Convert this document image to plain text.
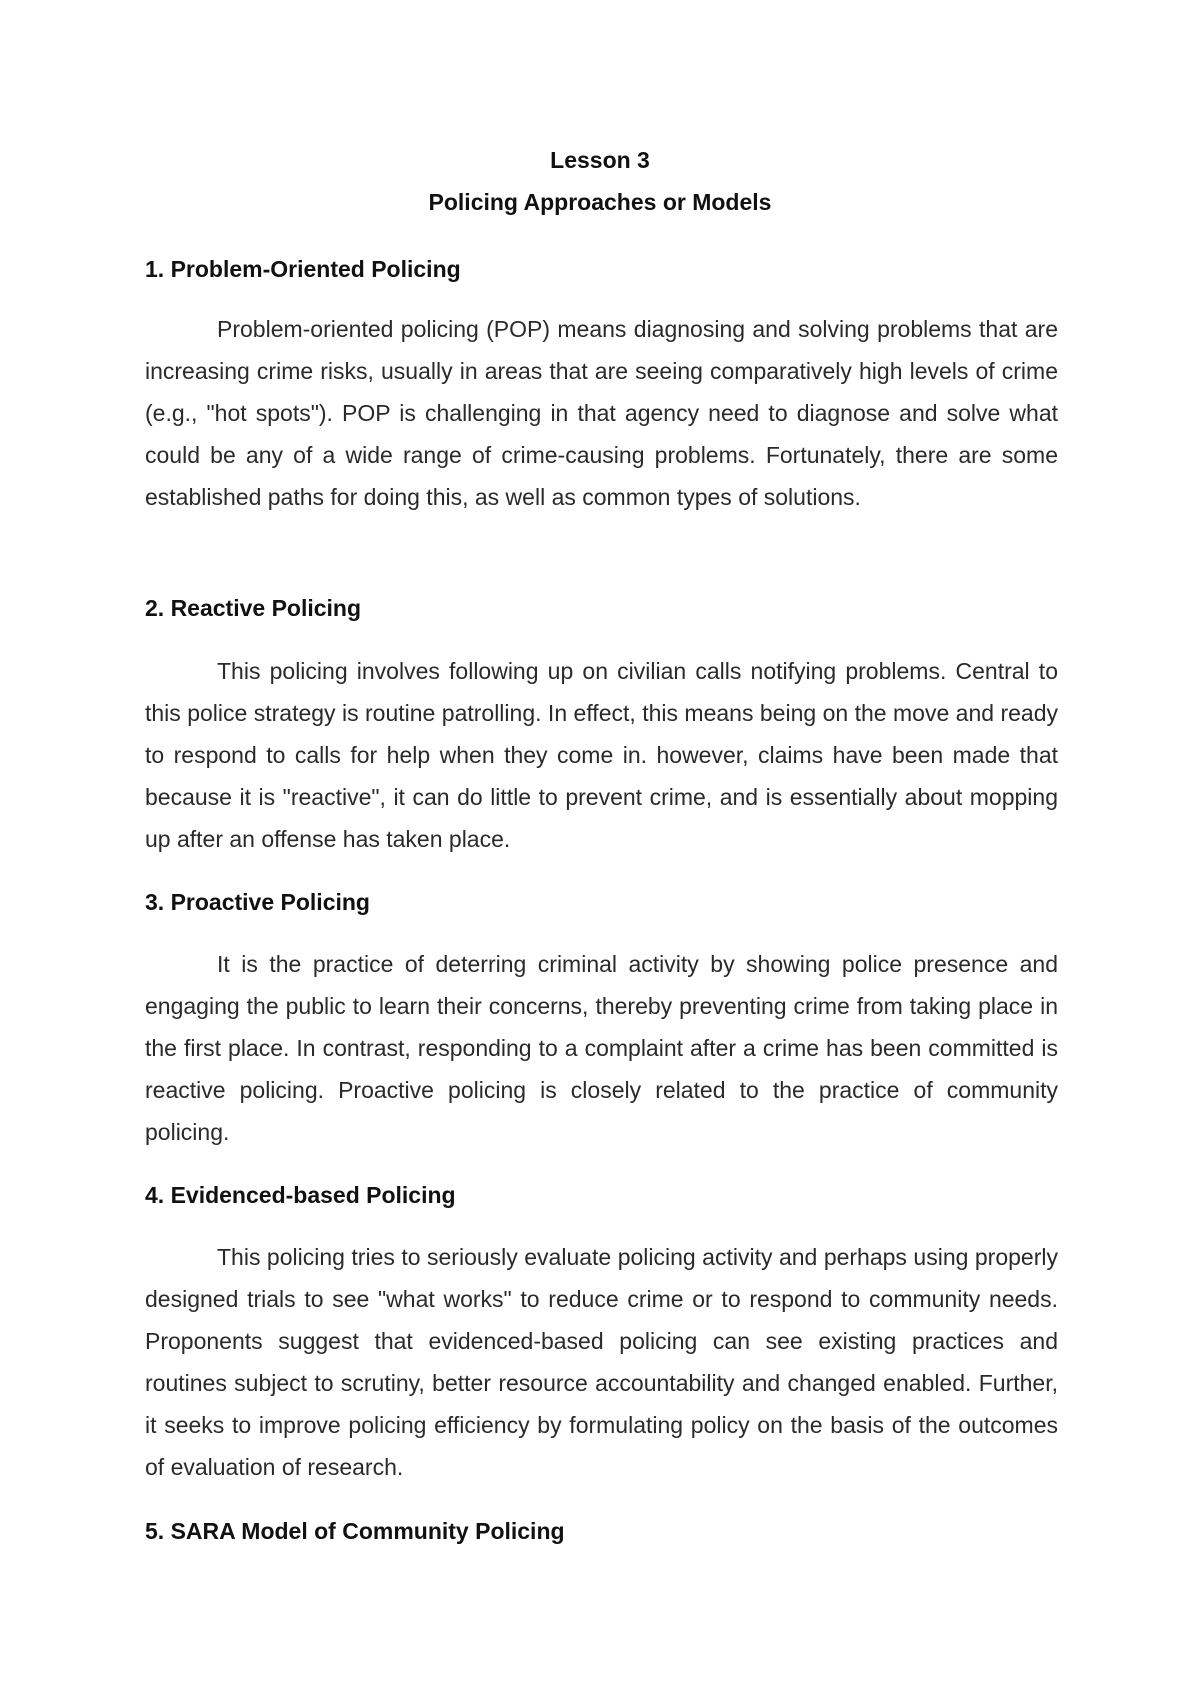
Lesson 3
Policing Approaches or Models
1. Problem-Oriented Policing

Problem-oriented policing (POP) means diagnosing and solving problems that are increasing crime risks, usually in areas that are seeing comparatively high levels of crime (e.g., "hot spots"). POP is challenging in that agency need to diagnose and solve what could be any of a wide range of crime-causing problems. Fortunately, there are some established paths for doing this, as well as common types of solutions.

2. Reactive Policing

This policing involves following up on civilian calls notifying problems. Central to this police strategy is routine patrolling. In effect, this means being on the move and ready to respond to calls for help when they come in. however, claims have been made that because it is "reactive", it can do little to prevent crime, and is essentially about mopping up after an offense has taken place.

3. Proactive Policing

It is the practice of deterring criminal activity by showing police presence and engaging the public to learn their concerns, thereby preventing crime from taking place in the first place. In contrast, responding to a complaint after a crime has been committed is reactive policing. Proactive policing is closely related to the practice of community policing.

4. Evidenced-based Policing

This policing tries to seriously evaluate policing activity and perhaps using properly designed trials to see "what works" to reduce crime or to respond to community needs. Proponents suggest that evidenced-based policing can see existing practices and routines subject to scrutiny, better resource accountability and changed enabled. Further, it seeks to improve policing efficiency by formulating policy on the basis of the outcomes of evaluation of research.

5. SARA Model of Community Policing
